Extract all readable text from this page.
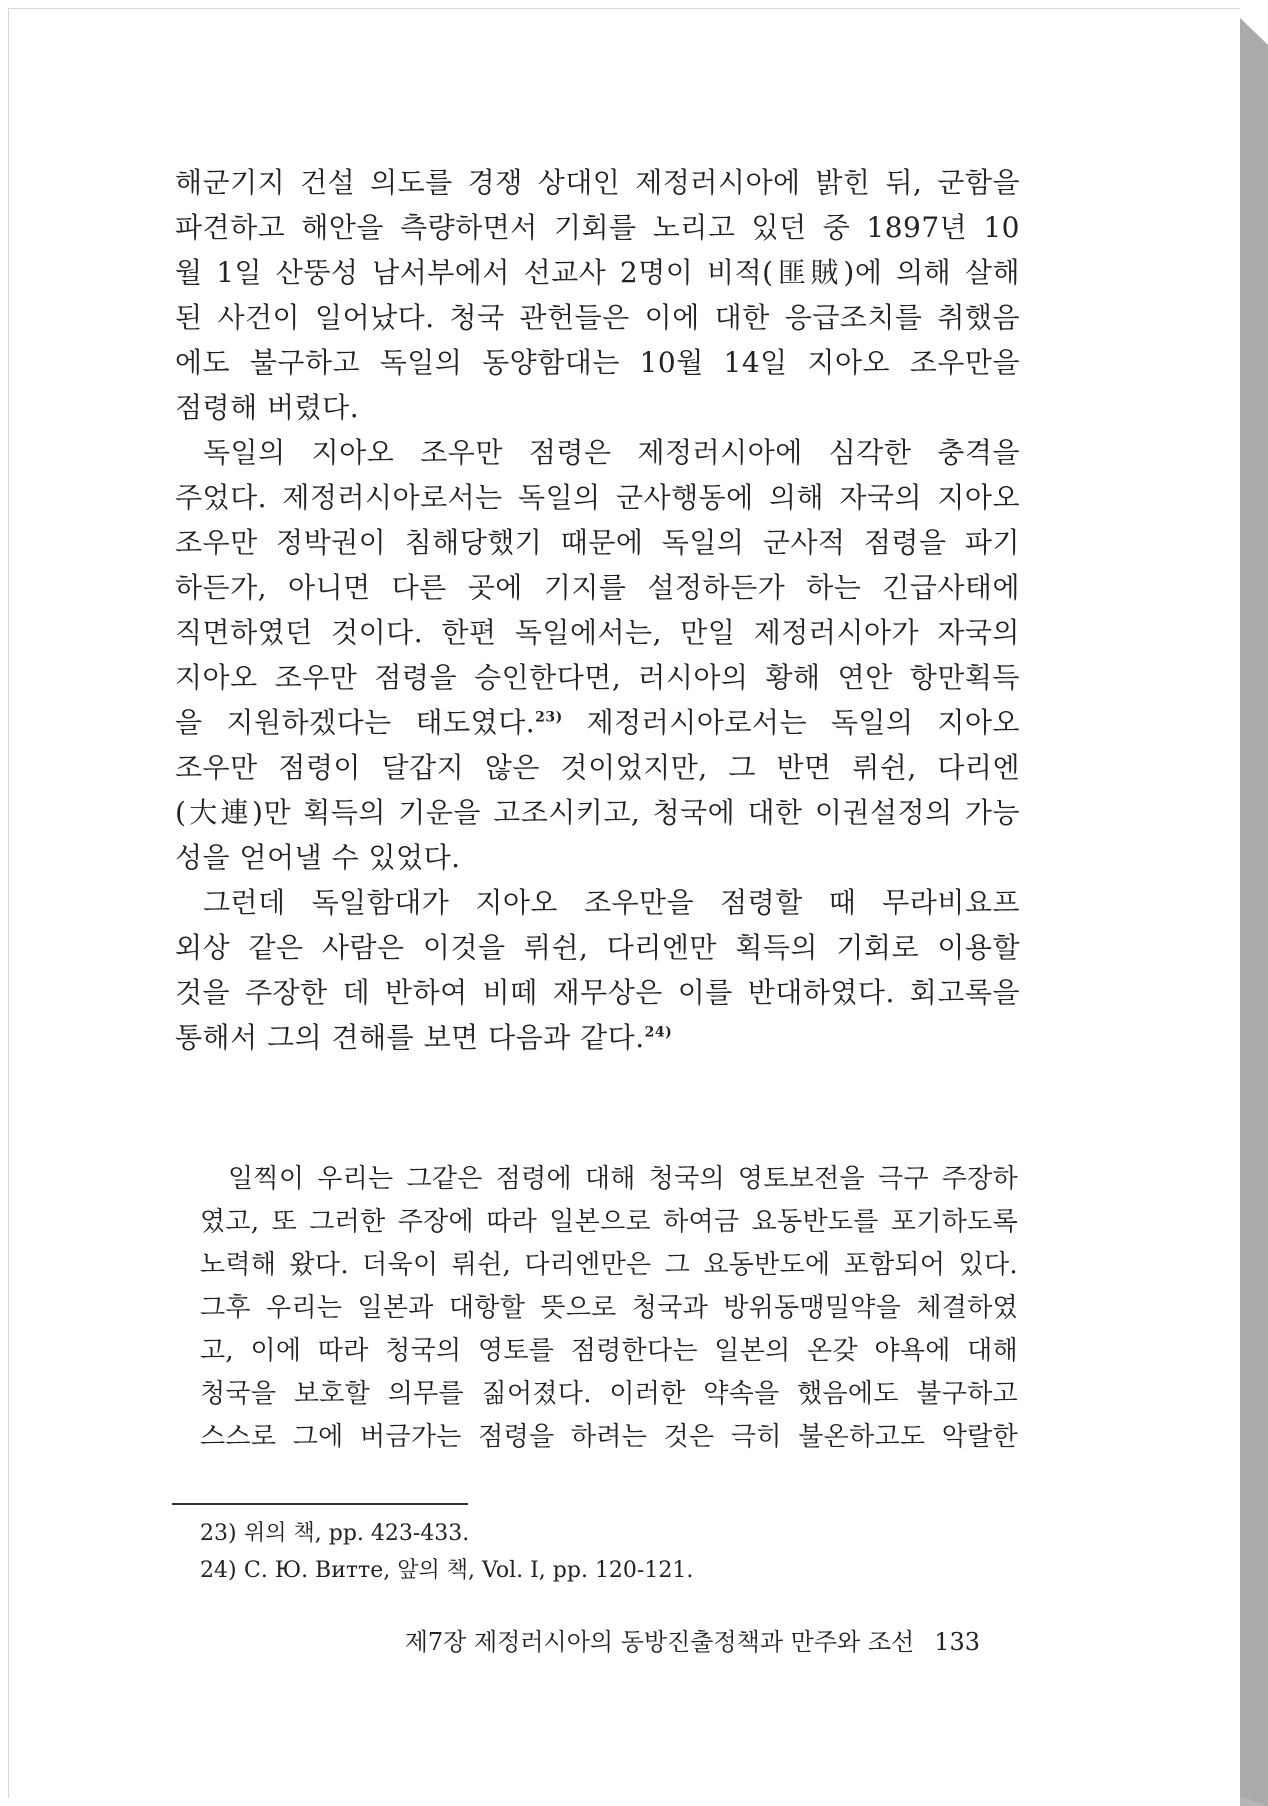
해군기지 건설 의도를 경쟁 상대인 제정러시아에 밝힌 뒤, 군함을
파견하고 해안을 측량하면서 기회를 노리고 있던 중 1897년 10
월 1일 산뚱성 남서부에서 선교사 2명이 비적(匪賊)에 의해 살해
된 사건이 일어났다. 청국 관헌들은 이에 대한 응급조치를 취했음
에도 불구하고 독일의 동양함대는 10월 14일 지아오 조우만을
점령해 버렸다.
독일의 지아오 조우만 점령은 제정러시아에 심각한 충격을
주었다. 제정러시아로서는 독일의 군사행동에 의해 자국의 지아오
조우만 정박권이 침해당했기 때문에 독일의 군사적 점령을 파기
하든가, 아니면 다른 곳에 기지를 설정하든가 하는 긴급사태에
직면하였던 것이다. 한편 독일에서는, 만일 제정러시아가 자국의
지아오 조우만 점령을 승인한다면, 러시아의 황해 연안 항만획득
을 지원하겠다는 태도였다.$^{23)}$ 제정러시아로서는 독일의 지아오
조우만 점령이 달갑지 않은 것이었지만, 그 반면 뤼쉰, 다리엔
(大連)만 획득의 기운을 고조시키고, 청국에 대한 이권설정의 가능
성을 얻어낼 수 있었다.
그런데 독일함대가 지아오 조우만을 점령할 때 무라비요프
외상 같은 사람은 이것을 뤼쉰, 다리엔만 획득의 기회로 이용할
것을 주장한 데 반하여 비떼 재무상은 이를 반대하였다. 회고록을
통해서 그의 견해를 보면 다음과 같다.$^{24)}$
일찍이 우리는 그같은 점령에 대해 청국의 영토보전을 극구 주장하
였고, 또 그러한 주장에 따라 일본으로 하여금 요동반도를 포기하도록
노력해 왔다. 더욱이 뤼쉰, 다리엔만은 그 요동반도에 포함되어 있다.
그후 우리는 일본과 대항할 뜻으로 청국과 방위동맹밀약을 체결하였
고, 이에 따라 청국의 영토를 점령한다는 일본의 온갖 야욕에 대해
청국을 보호할 의무를 짊어졌다. 이러한 약속을 했음에도 불구하고
스스로 그에 버금가는 점령을 하려는 것은 극히 불온하고도 악랄한
23) 위의 책, pp. 423-433.
24) С. Ю. Витте, 앞의 책, Vol. I, pp. 120-121.
제7장 제정러시아의 동방진출정책과 만주와 조선 133
